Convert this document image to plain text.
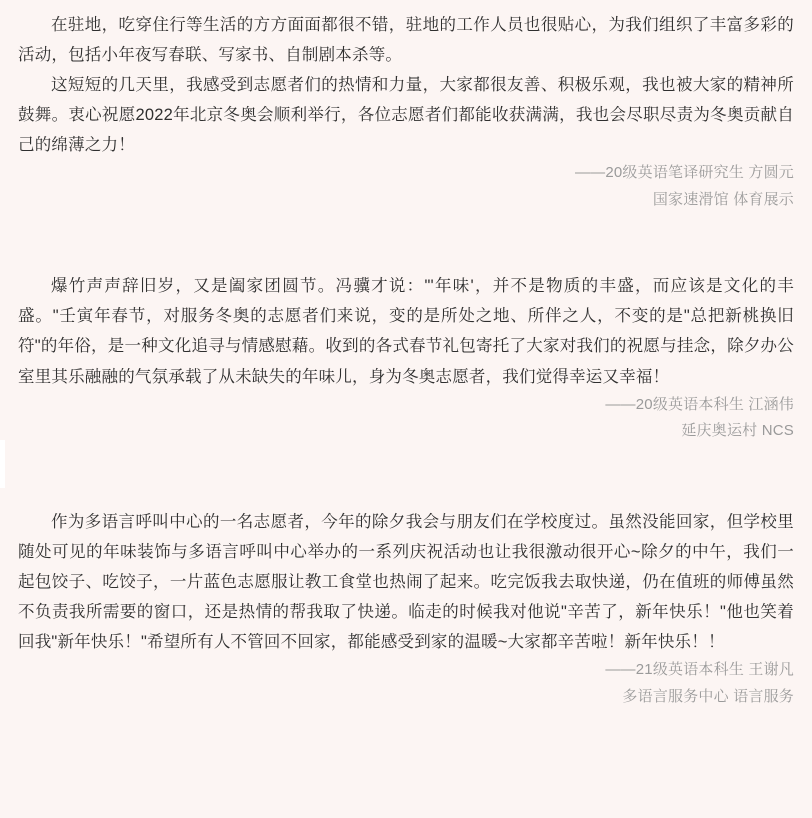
在驻地，吃穿住行等生活的方方面面都很不错，驻地的工作人员也很贴心，为我们组织了丰富多彩的活动，包括小年夜写春联、写家书、自制剧本杀等。

这短短的几天里，我感受到志愿者们的热情和力量，大家都很友善、积极乐观，我也被大家的精神所鼓舞。衷心祝愿2022年北京冬奥会顺利举行，各位志愿者们都能收获满满，我也会尽职尽责为冬奥贡献自己的绵薄之力！

——20级英语笔译研究生 方圆元
国家速滑馆 体育展示

爆竹声声辞旧岁，又是阖家团圆节。冯骥才说："'年味'，并不是物质的丰盛，而应该是文化的丰盛。"壬寅年春节，对服务冬奥的志愿者们来说，变的是所处之地、所伴之人，不变的是"总把新桃换旧符"的年俗，是一种文化追寻与情感慰藉。收到的各式春节礼包寄托了大家对我们的祝愿与挂念，除夕办公室里其乐融融的气氛承载了从未缺失的年味儿，身为冬奥志愿者，我们觉得幸运又幸福！

——20级英语本科生 江涵伟
延庆奥运村 NCS

作为多语言呼叫中心的一名志愿者，今年的除夕我会与朋友们在学校度过。虽然没能回家，但学校里随处可见的年味装饰与多语言呼叫中心举办的一系列庆祝活动也让我很激动很开心~除夕的中午，我们一起包饺子、吃饺子，一片蓝色志愿服让教工食堂也热闹了起来。吃完饭我去取快递，仍在值班的师傅虽然不负责我所需要的窗口，还是热情的帮我取了快递。临走的时候我对他说"辛苦了，新年快乐！"他也笑着回我"新年快乐！"希望所有人不管回不回家，都能感受到家的温暖~大家都辛苦啦！新年快乐！！

——21级英语本科生 王谢凡
多语言服务中心 语言服务
